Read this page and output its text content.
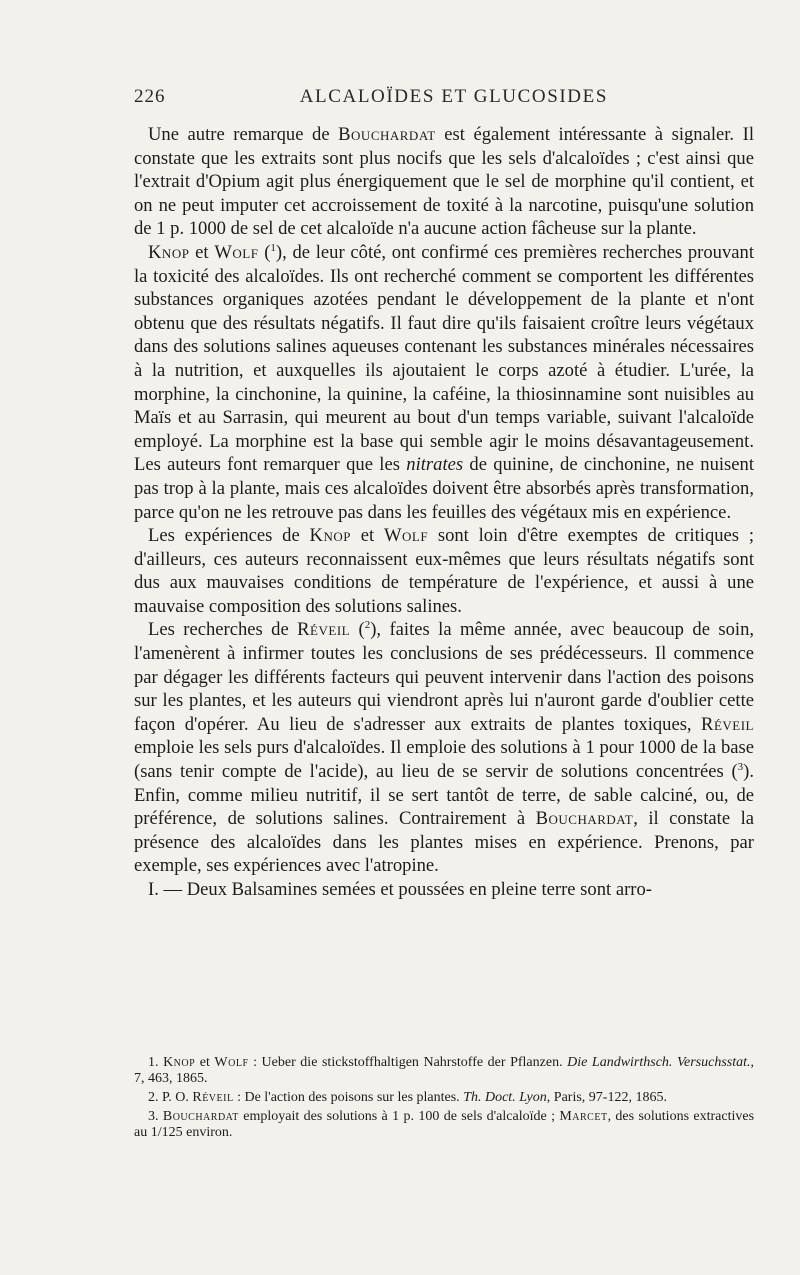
226	ALCALOÏDES ET GLUCOSIDES

Une autre remarque de Bouchardat est également intéressante à signaler. Il constate que les extraits sont plus nocifs que les sels d'alcaloïdes ; c'est ainsi que l'extrait d'Opium agit plus énergiquement que le sel de morphine qu'il contient, et on ne peut imputer cet accroissement de toxité à la narcotine, puisqu'une solution de 1 p. 1000 de sel de cet alcaloïde n'a aucune action fâcheuse sur la plante.

Knop et Wolf ($^1$), de leur côté, ont confirmé ces premières recherches prouvant la toxicité des alcaloïdes. Ils ont recherché comment se comportent les différentes substances organiques azotées pendant le développement de la plante et n'ont obtenu que des résultats négatifs. Il faut dire qu'ils faisaient croître leurs végétaux dans des solutions salines aqueuses contenant les substances minérales nécessaires à la nutrition, et auxquelles ils ajoutaient le corps azoté à étudier. L'urée, la morphine, la cinchonine, la quinine, la caféine, la thiosinnamine sont nuisibles au Maïs et au Sarrasin, qui meurent au bout d'un temps variable, suivant l'alcaloïde employé. La morphine est la base qui semble agir le moins désavantageusement. Les auteurs font remarquer que les nitrates de quinine, de cinchonine, ne nuisent pas trop à la plante, mais ces alcaloïdes doivent être absorbés après transformation, parce qu'on ne les retrouve pas dans les feuilles des végétaux mis en expérience.

Les expériences de Knop et Wolf sont loin d'être exemptes de critiques ; d'ailleurs, ces auteurs reconnaissent eux-mêmes que leurs résultats négatifs sont dus aux mauvaises conditions de température de l'expérience, et aussi à une mauvaise composition des solutions salines.

Les recherches de Réveil ($^2$), faites la même année, avec beaucoup de soin, l'amenèrent à infirmer toutes les conclusions de ses prédécesseurs. Il commence par dégager les différents facteurs qui peuvent intervenir dans l'action des poisons sur les plantes, et les auteurs qui viendront après lui n'auront garde d'oublier cette façon d'opérer. Au lieu de s'adresser aux extraits de plantes toxiques, Réveil emploie les sels purs d'alcaloïdes. Il emploie des solutions à 1 pour 1000 de la base (sans tenir compte de l'acide), au lieu de se servir de solutions concentrées ($^3$). Enfin, comme milieu nutritif, il se sert tantôt de terre, de sable calciné, ou, de préférence, de solutions salines. Contrairement à Bouchardat, il constate la présence des alcaloïdes dans les plantes mises en expérience. Prenons, par exemple, ses expériences avec l'atropine.

I. — Deux Balsamines semées et poussées en pleine terre sont arro-

1. Knop et Wolf : Ueber die stickstoffhaltigen Nahrstoffe der Pflanzen. Die Landwirthsch. Versuchsstat., 7, 463, 1865.

2. P. O. Réveil : De l'action des poisons sur les plantes. Th. Doct. Lyon, Paris, 97-122, 1865.

3. Bouchardat employait des solutions à 1 p. 100 de sels d'alcaloïde ; Marcet, des solutions extractives au 1/125 environ.
